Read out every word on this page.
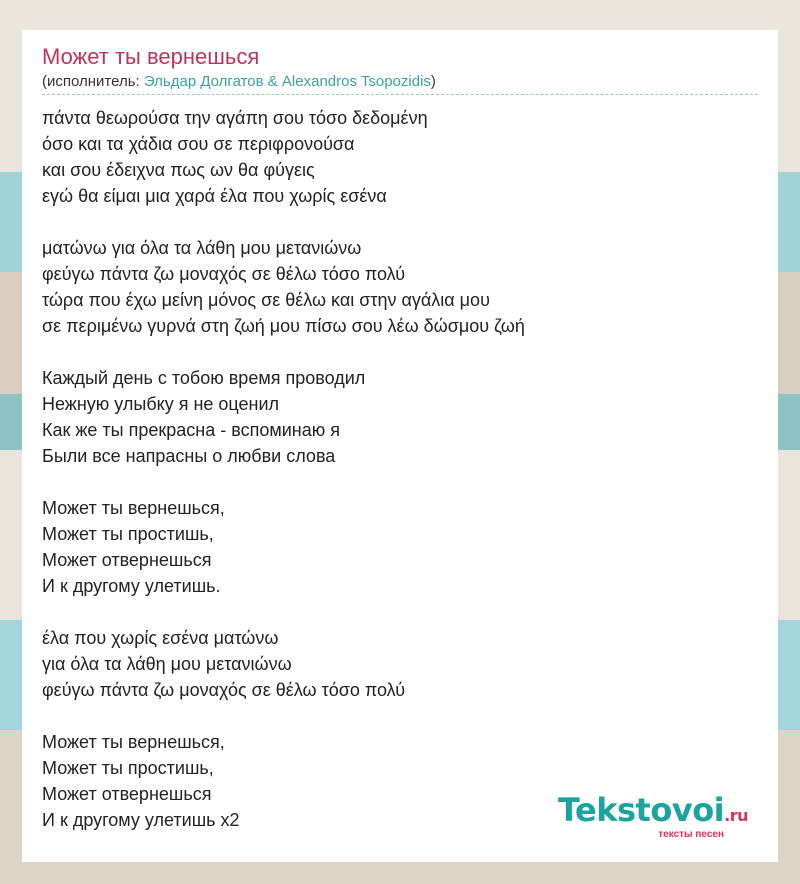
Может ты вернешься
(исполнитель: Эльдар Долгатов & Alexandros Tsopozidis)
πάντα θεωρούσα την αγάπη σου τόσο δεδομένη
όσο και τα χάδια σου σε περιφρονούσα
και σου έδειχνα πως ων θα φύγεις
εγώ θα είμαι μια χαρά έλα που χωρίς εσένα
ματώνω για όλα τα λάθη μου μετανιώνω
φεύγω πάντα ζω μοναχός σε θέλω τόσο πολύ
τώρα που έχω μείνη μόνος σε θέλω και στην αγάλια μου
σε περιμένω γυρνά στη ζωή μου πίσω σου λέω δώσμου ζωή
Каждый день с тобою время проводил
Нежную улыбку я не оценил
Как же ты прекрасна - вспоминаю я
Были все напрасны о любви слова
Может ты вернешься,
Может ты простишь,
Может отвернешься
И к другому улетишь.
έλα που χωρίς εσένα ματώνω
για όλα τα λάθη μου μετανιώνω
φεύγω πάντα ζω μοναχός σε θέλω τόσο πολύ
Может ты вернешься,
Может ты простишь,
Может отвернешься
И к другому улетишь x2	Tekstovoi.ru
тексты песен
